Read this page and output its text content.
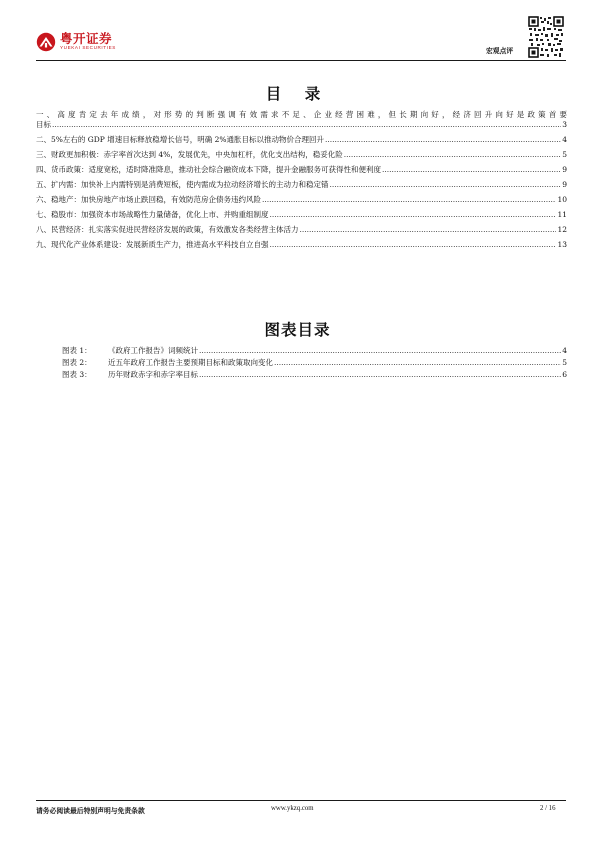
粤开证券
YUEKAI SECURITIES	宏观点评
目 录
一、高度肯定去年成绩，对形势的判断强调有效需求不足、企业经营困难，但长期向好，经济回升向好是政策首要
目标 .....	3
二、5%左右的 GDP 增速目标释放稳增长信号，明确 2%通胀目标以推动物价合理回升 .....	4
三、财政更加积极：赤字率首次达到 4%，发展优先，中央加杠杆，优化支出结构，稳妥化险 .....	5
四、货币政策：适度宽松，适时降准降息，推动社会综合融资成本下降，提升金融服务可获得性和便利度 .....	9
五、扩内需：加快补上内需特别是消费短板，使内需成为拉动经济增长的主动力和稳定锚 .....	9
六、稳地产：加快房地产市场止跌回稳，有效防范房企债务违约风险 .....	10
七、稳股市：加强资本市场战略性力量储备，优化上市、并购重组制度 .....	11
八、民营经济：扎实落实促进民营经济发展的政策，有效激发各类经营主体活力 .....	12
九、现代化产业体系建设：发展新质生产力，推进高水平科技自立自强 .....	13
图表目录
图表 1： 《政府工作报告》词频统计 .....	4
图表 2： 近五年政府工作报告主要预期目标和政策取向变化 .....	5
图表 3： 历年财政赤字和赤字率目标 .....	6
请务必阅读最后特别声明与免责条款	www.ykzq.com	2 / 16
